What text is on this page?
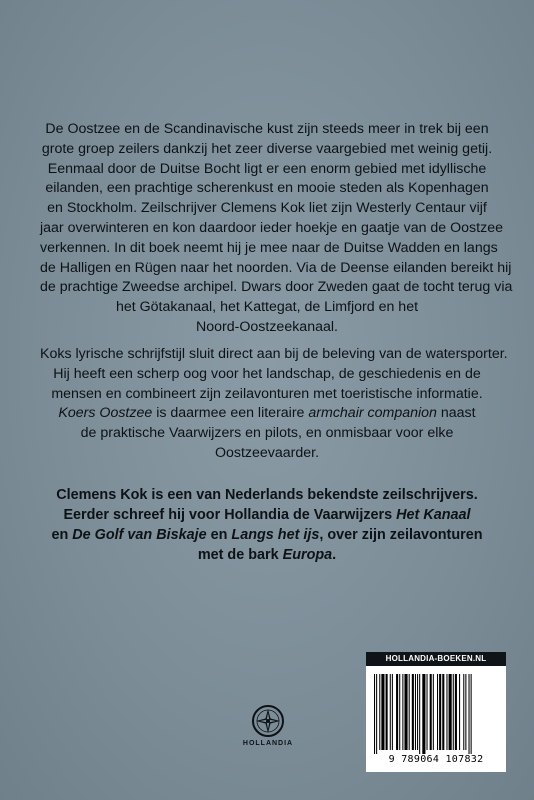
De Oostzee en de Scandinavische kust zijn steeds meer in trek bij een
grote groep zeilers dankzij het zeer diverse vaargebied met weinig getij.
Eenmaal door de Duitse Bocht ligt er een enorm gebied met idyllische
eilanden, een prachtige scherenkust en mooie steden als Kopenhagen
en Stockholm. Zeilschrijver Clemens Kok liet zijn Westerly Centaur vijf
jaar overwinteren en kon daardoor ieder hoekje en gaatje van de Oostzee
verkennen. In dit boek neemt hij je mee naar de Duitse Wadden en langs
de Halligen en Rügen naar het noorden. Via de Deense eilanden bereikt hij
de prachtige Zweedse archipel. Dwars door Zweden gaat de tocht terug via
het Götakanaal, het Kattegat, de Limfjord en het
Noord-Oostzeekanaal.
Koks lyrische schrijfstijl sluit direct aan bij de beleving van de watersporter.
Hij heeft een scherp oog voor het landschap, de geschiedenis en de
mensen en combineert zijn zeilavonturen met toeristische informatie.
Koers Oostzee is daarmee een literaire armchair companion naast
de praktische Vaarwijzers en pilots, en onmisbaar voor elke
Oostzeevaarder.
Clemens Kok is een van Nederlands bekendste zeilschrijvers.
Eerder schreef hij voor Hollandia de Vaarwijzers Het Kanaal
en De Golf van Biskaje en Langs het ijs, over zijn zeilavonturen
met de bark Europa.
HOLLANDIA
HOLLANDIA-BOEKEN.NL
9 789064 107832
